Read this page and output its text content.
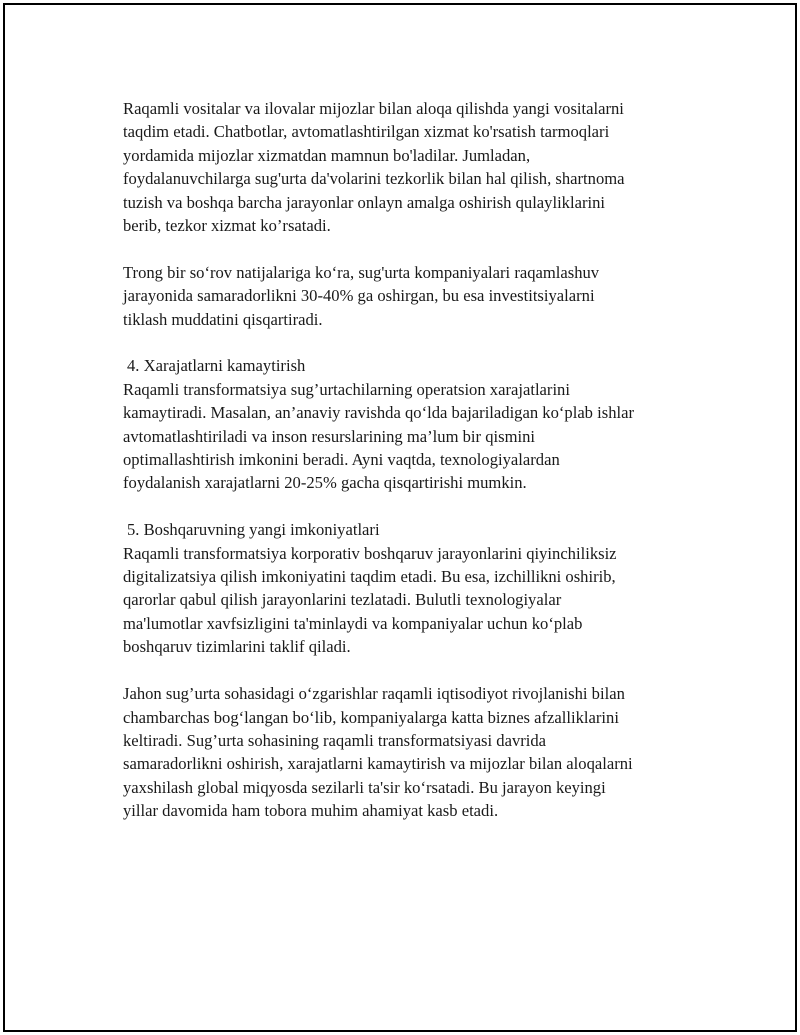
Raqamli vositalar va ilovalar mijozlar bilan aloqa qilishda yangi vositalarni
taqdim etadi. Chatbotlar, avtomatlashtirilgan xizmat ko'rsatish tarmoqlari
yordamida mijozlar xizmatdan mamnun bo'ladilar. Jumladan,
foydalanuvchilarga sug'urta da'volarini tezkorlik bilan hal qilish, shartnoma
tuzish va boshqa barcha jarayonlar onlayn amalga oshirish qulayliklarini
berib, tezkor xizmat ko’rsatadi.

Trong bir so‘rov natijalariga ko‘ra, sug'urta kompaniyalari raqamlashuv
jarayonida samaradorlikni 30-40% ga oshirgan, bu esa investitsiyalarni
tiklash muddatini qisqartiradi.

4. Xarajatlarni kamaytirish

Raqamli transformatsiya sug’urtachilarning operatsion xarajatlarini
kamaytiradi. Masalan, an’anaviy ravishda qo‘lda bajariladigan ko‘plab ishlar
avtomatlashtiriladi va inson resurslarining ma’lum bir qismini
optimallashtirish imkonini beradi. Ayni vaqtda, texnologiyalardan
foydalanish xarajatlarni 20-25% gacha qisqartirishi mumkin.

5. Boshqaruvning yangi imkoniyatlari

Raqamli transformatsiya korporativ boshqaruv jarayonlarini qiyinchiliksiz
digitalizatsiya qilish imkoniyatini taqdim etadi. Bu esa, izchillikni oshirib,
qarorlar qabul qilish jarayonlarini tezlatadi. Bulutli texnologiyalar
ma'lumotlar xavfsizligini ta'minlaydi va kompaniyalar uchun ko‘plab
boshqaruv tizimlarini taklif qiladi.

Jahon sug’urta sohasidagi o‘zgarishlar raqamli iqtisodiyot rivojlanishi bilan
chambarchas bog‘langan bo‘lib, kompaniyalarga katta biznes afzalliklarini
keltiradi. Sug’urta sohasining raqamli transformatsiyasi davrida
samaradorlikni oshirish, xarajatlarni kamaytirish va mijozlar bilan aloqalarni
yaxshilash global miqyosda sezilarli ta'sir ko‘rsatadi. Bu jarayon keyingi
yillar davomida ham tobora muhim ahamiyat kasb etadi.
